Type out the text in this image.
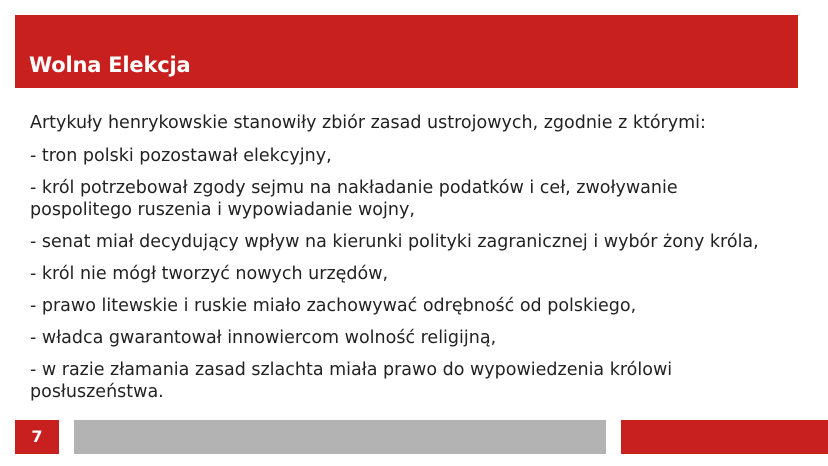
Wolna Elekcja

Artykuły henrykowskie stanowiły zbiór zasad ustrojowych, zgodnie z którymi:

- tron polski pozostawał elekcyjny,

- król potrzebował zgody sejmu na nakładanie podatków i ceł, zwoływanie pospolitego ruszenia i wypowiadanie wojny,

- senat miał decydujący wpływ na kierunki polityki zagranicznej i wybór żony króla,

- król nie mógł tworzyć nowych urzędów,

- prawo litewskie i ruskie miało zachowywać odrębność od polskiego,

- władca gwarantował innowiercom wolność religijną,

- w razie złamania zasad szlachta miała prawo do wypowiedzenia królowi posłuszeństwa.

7
